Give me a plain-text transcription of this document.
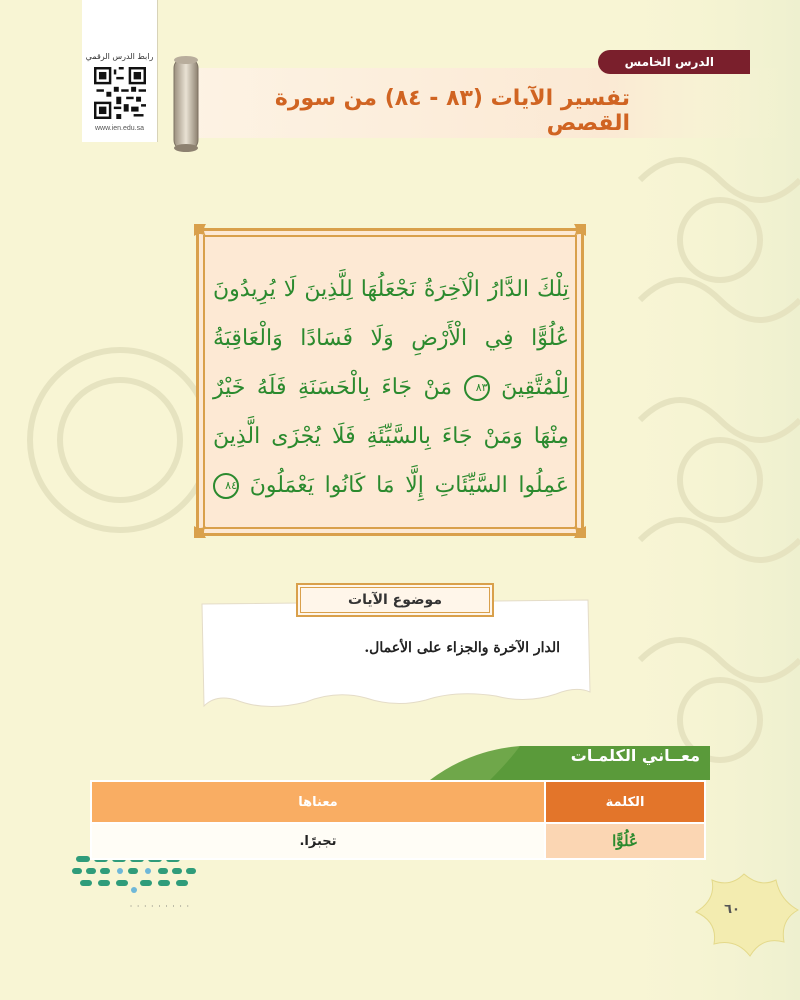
رابط الدرس الرقمي
www.ien.edu.sa
الدرس الخامس
تفسير الآيات (٨٣ - ٨٤) من سورة القصص
تِلْكَ الدَّارُ الْآخِرَةُ نَجْعَلُهَا لِلَّذِينَ لَا يُرِيدُونَ عُلُوًّا فِي الْأَرْضِ وَلَا فَسَادًا وَالْعَاقِبَةُ لِلْمُتَّقِينَ ٨٣ مَنْ جَاءَ بِالْحَسَنَةِ فَلَهُ خَيْرٌ مِنْهَا وَمَنْ جَاءَ بِالسَّيِّئَةِ فَلَا يُجْزَى الَّذِينَ عَمِلُوا السَّيِّئَاتِ إِلَّا مَا كَانُوا يَعْمَلُونَ ٨٤
موضوع الآيات
الدار الآخرة والجزاء على الأعمال.
معــاني الكلمـات
الكلمة	معناها
عُلُوًّا	تجبرًا.
· · · · · · · · ·	٦٠
